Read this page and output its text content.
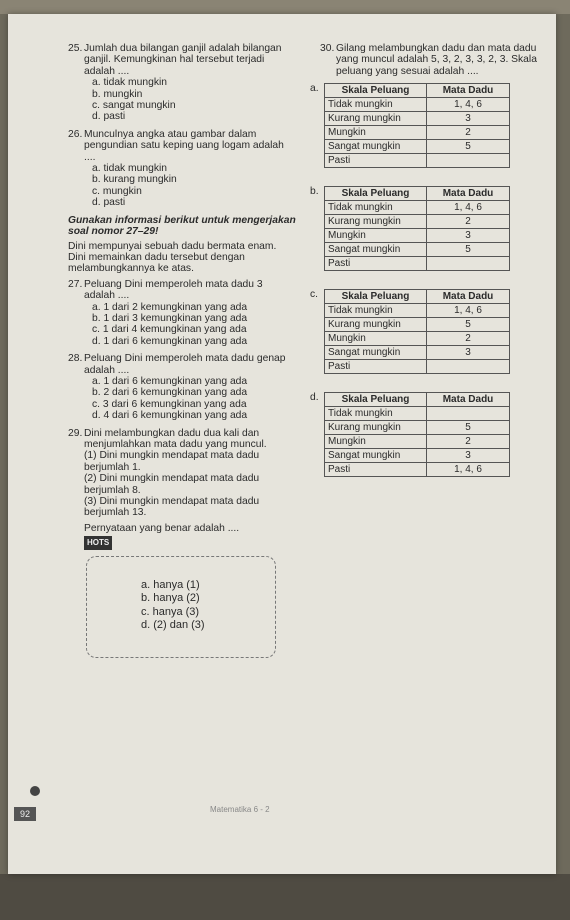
25. Jumlah dua bilangan ganjil adalah bilangan ganjil. Kemungkinan hal tersebut terjadi adalah ....
a. tidak mungkin
b. mungkin
c. sangat mungkin
d. pasti
26. Munculnya angka atau gambar dalam pengundian satu keping uang logam adalah ....
a. tidak mungkin
b. kurang mungkin
c. mungkin
d. pasti
Gunakan informasi berikut untuk mengerjakan soal nomor 27–29!
Dini mempunyai sebuah dadu bermata enam. Dini memainkan dadu tersebut dengan melambungkannya ke atas.
27. Peluang Dini memperoleh mata dadu 3 adalah ....
a. 1 dari 2 kemungkinan yang ada
b. 1 dari 3 kemungkinan yang ada
c. 1 dari 4 kemungkinan yang ada
d. 1 dari 6 kemungkinan yang ada
28. Peluang Dini memperoleh mata dadu genap adalah ....
a. 1 dari 6 kemungkinan yang ada
b. 2 dari 6 kemungkinan yang ada
c. 3 dari 6 kemungkinan yang ada
d. 4 dari 6 kemungkinan yang ada
29. Dini melambungkan dadu dua kali dan menjumlahkan mata dadu yang muncul.
(1) Dini mungkin mendapat mata dadu berjumlah 1.
(2) Dini mungkin mendapat mata dadu berjumlah 8.
(3) Dini mungkin mendapat mata dadu berjumlah 13.
Pernyataan yang benar adalah ....
HOTS
a. hanya (1)
b. hanya (2)
c. hanya (3)
d. (2) dan (3)
30. Gilang melambungkan dadu dan mata dadu yang muncul adalah 5, 3, 2, 3, 3, 2, 3. Skala peluang yang sesuai adalah ....
a. Skala Peluang	Mata Dadu
Tidak mungkin	1, 4, 6
Kurang mungkin	3
Mungkin	2
Sangat mungkin	5
Pasti	
b. Skala Peluang	Mata Dadu
Tidak mungkin	1, 4, 6
Kurang mungkin	2
Mungkin	3
Sangat mungkin	5
Pasti	
c. Skala Peluang	Mata Dadu
Tidak mungkin	1, 4, 6
Kurang mungkin	5
Mungkin	2
Sangat mungkin	3
Pasti	
d. Skala Peluang	Mata Dadu
Tidak mungkin	
Kurang mungkin	5
Mungkin	2
Sangat mungkin	3
Pasti	1, 4, 6
92	Matematika 6 - 2
